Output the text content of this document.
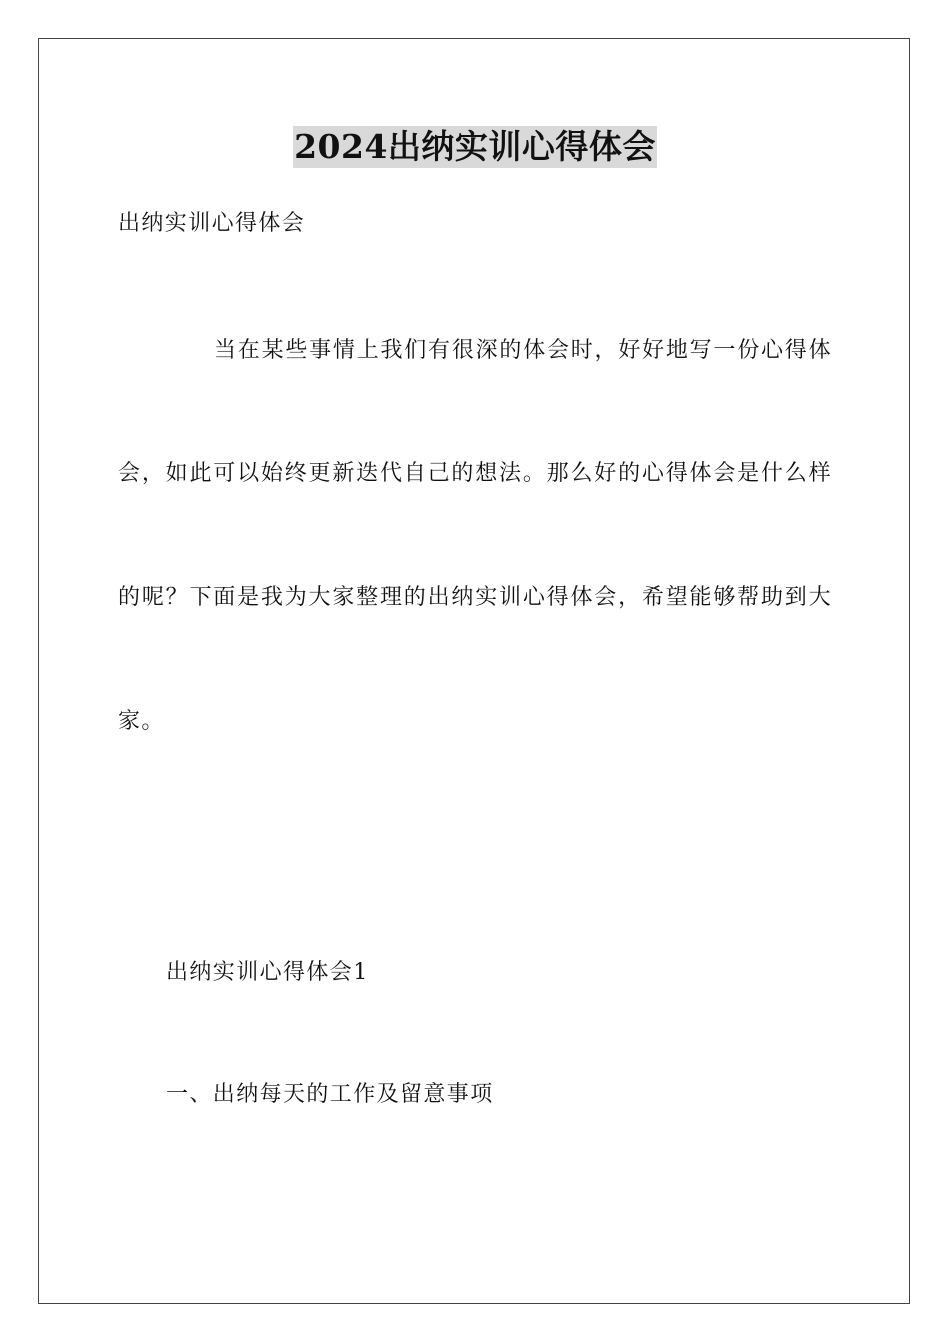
2024出纳实训心得体会
出纳实训心得体会
当在某些事情上我们有很深的体会时，好好地写一份心得体
会，如此可以始终更新迭代自己的想法。那么好的心得体会是什么样
的呢？下面是我为大家整理的出纳实训心得体会，希望能够帮助到大
家。
出纳实训心得体会1
一、出纳每天的工作及留意事项
